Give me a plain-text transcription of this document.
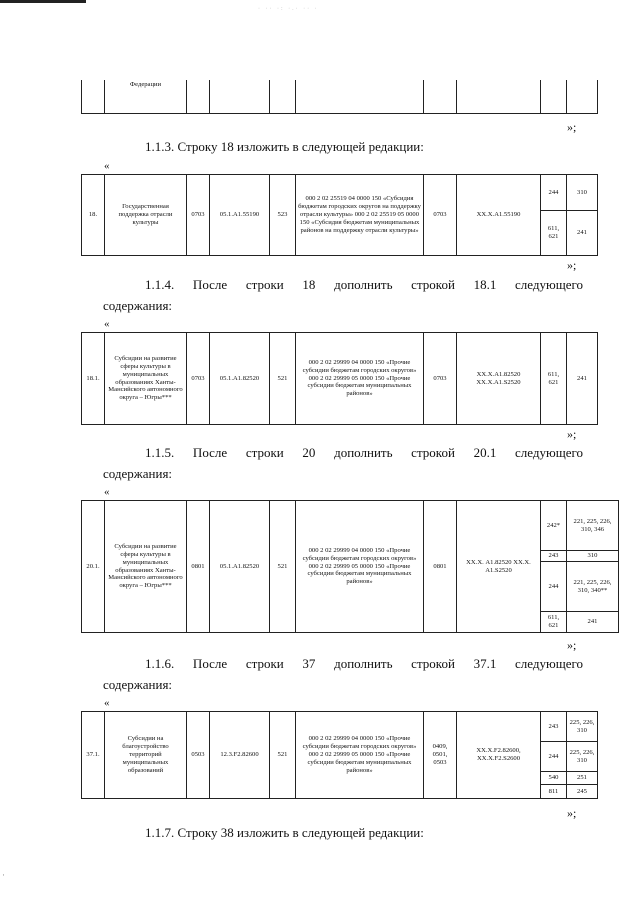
· ·· ·: ·.· ·· ·
	Федерации								
»;
1.1.3. Строку 18 изложить в следующей редакции:
«
18.	Государственная поддержка отрасли культуры	0703	05.1.А1.55190	523	000 2 02 25519 04 0000 150 «Субсидия бюджетам городских округов на поддержку отрасли культуры» 000 2 02 25519 05 0000 150 «Субсидия бюджетам муниципальных районов на поддержку отрасли культуры»	0703	ХХ.Х.А1.55190	244	310
								611, 621	241
»;
1.1.4. После строки 18 дополнить строкой 18.1 следующего
содержания:
«
18.1.	Субсидии на развитие сферы культуры в муниципальных образованиях Ханты-Мансийского автономного округа – Югры***	0703	05.1.А1.82520	521	000 2 02 29999 04 0000 150 «Прочие субсидии бюджетам городских округов» 000 2 02 29999 05 0000 150 «Прочие субсидии бюджетам муниципальных районов»	0703	ХХ.Х.А1.82520 ХХ.Х.А1.S2520	611, 621	241
»;
1.1.5. После строки 20 дополнить строкой 20.1 следующего
содержания:
«
20.1.	Субсидии на развитие сферы культуры в муниципальных образованиях Ханты-Мансийского автономного округа – Югры***	0801	05.1.А1.82520	521	000 2 02 29999 04 0000 150 «Прочие субсидии бюджетам городских округов» 000 2 02 29999 05 0000 150 «Прочие субсидии бюджетам муниципальных районов»	0801	ХХ.Х. А1.82520 ХХ.Х. А1.S2520	242*	221, 225, 226, 310, 346
								243	310
								244	221, 225, 226, 310, 340**
								611, 621	241
»;
1.1.6. После строки 37 дополнить строкой 37.1 следующего
содержания:
«
37.1.	Субсидии на благоустройство территорий муниципальных образований	0503	12.3.F2.82600	521	000 2 02 29999 04 0000 150 «Прочие субсидии бюджетам городских округов» 000 2 02 29999 05 0000 150 «Прочие субсидии бюджетам муниципальных районов»	0409, 0501, 0503	ХХ.Х.F2.82600, ХХ.Х.F2.S2600	243	225, 226, 310
								244	225, 226, 310
								540	251
								811	245
»;
1.1.7. Строку 38 изложить в следующей редакции:
·
